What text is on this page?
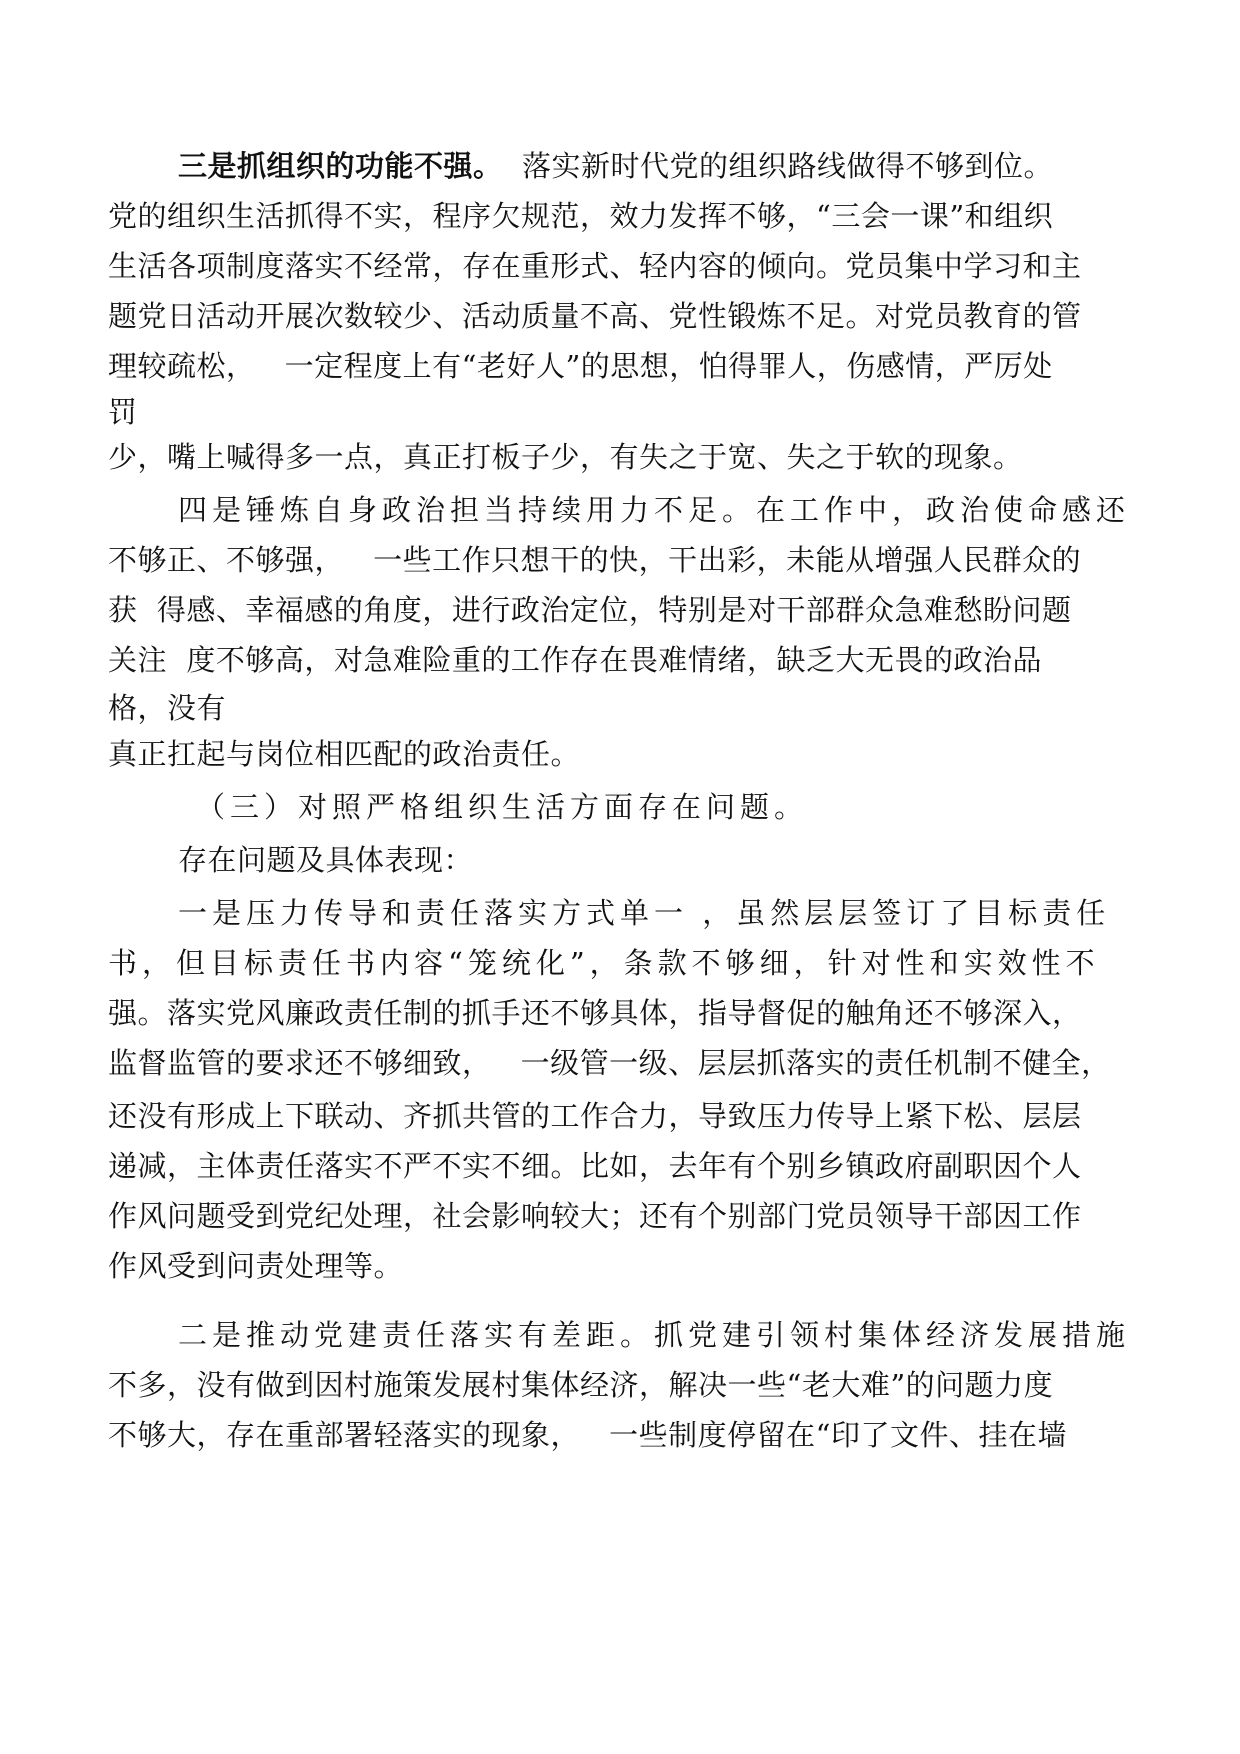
三是抓组织的功能不强。  落实新时代党的组织路线做得不够到位。
党的组织生活抓得不实，程序欠规范，效力发挥不够，“三会一课”和组织
生活各项制度落实不经常，存在重形式、轻内容的倾向。党员集中学习和主
题党日活动开展次数较少、活动质量不高、党性锻炼不足。对党员教育的管
理较疏松，   一定程度上有“老好人”的思想，怕得罪人，伤感情，严厉处
罚
少，嘴上喊得多一点，真正打板子少，有失之于宽、失之于软的现象。
四是锤炼自身政治担当持续用力不足。在工作中，政治使命感还
不够正、不够强，   一些工作只想干的快，干出彩，未能从增强人民群众的
获  得感、幸福感的角度，进行政治定位，特别是对干部群众急难愁盼问题
关注  度不够高，对急难险重的工作存在畏难情绪，缺乏大无畏的政治品
格，没有
真正扛起与岗位相匹配的政治责任。
（三）对照严格组织生活方面存在问题。
存在问题及具体表现：
一是压力传导和责任落实方式单一 ，虽然层层签订了目标责任
书，但目标责任书内容“笼统化”，条款不够细，针对性和实效性不
强。落实党风廉政责任制的抓手还不够具体，指导督促的触角还不够深入，
监督监管的要求还不够细致，   一级管一级、层层抓落实的责任机制不健全，
还没有形成上下联动、齐抓共管的工作合力，导致压力传导上紧下松、层层
递减，主体责任落实不严不实不细。比如，去年有个别乡镇政府副职因个人
作风问题受到党纪处理，社会影响较大；还有个别部门党员领导干部因工作
作风受到问责处理等。
二是推动党建责任落实有差距。抓党建引领村集体经济发展措施
不多，没有做到因村施策发展村集体经济，解决一些“老大难”的问题力度
不够大，存在重部署轻落实的现象，   一些制度停留在“印了文件、挂在墙
